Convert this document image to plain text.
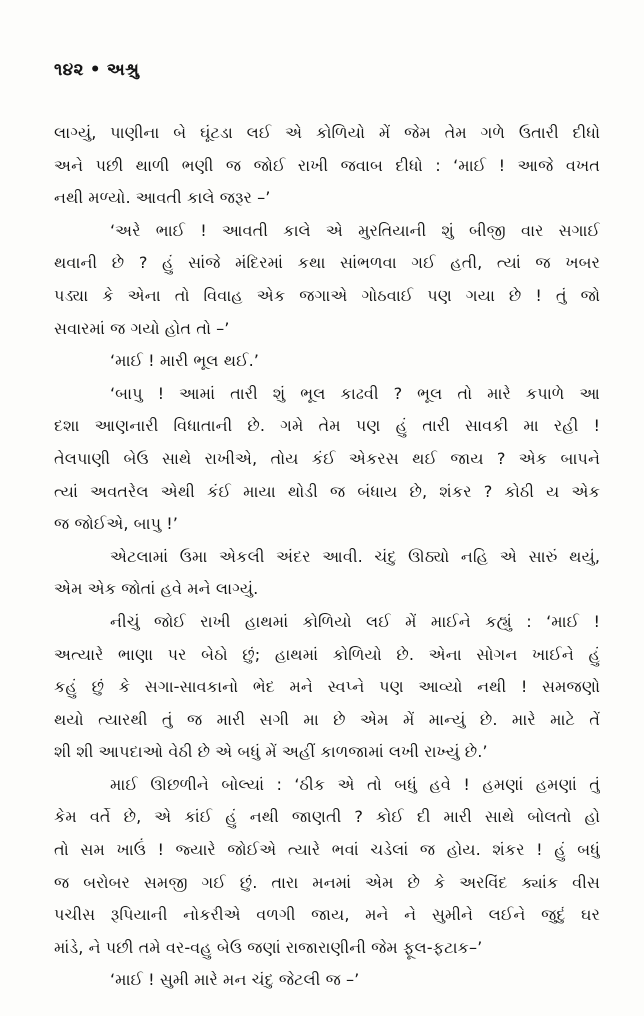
૧૪૨ • અશ્રુ
લાગ્યું, પાણીના બે ઘૂંટડા લઈ એ કોળિયો મેં જેમ તેમ ગળે ઉતારી દીધો
અને પછી થાળી ભણી જ જોઈ રાખી જવાબ દીધો : ‘માઈ ! આજે વખત
નથી મળ્યો. આવતી કાલે જરૂર –’
‘અરે ભાઈ ! આવતી કાલે એ મુરતિયાની શું બીજી વાર સગાઈ
થવાની છે ? હું સાંજે મંદિરમાં કથા સાંભળવા ગઈ હતી, ત્યાં જ ખબર
પડ્યા કે એના તો વિવાહ એક જગાએ ગોઠવાઈ પણ ગયા છે ! તું જો
સવારમાં જ ગયો હોત તો –’
‘માઈ ! મારી ભૂલ થઈ.’
‘બાપુ ! આમાં તારી શું ભૂલ કાઢવી ? ભૂલ તો મારે કપાળે આ
દશા આણનારી વિધાતાની છે. ગમે તેમ પણ હું તારી સાવકી મા રહી !
તેલપાણી બેઉ સાથે રાખીએ, તોય કંઈ એકરસ થઈ જાય ? એક બાપને
ત્યાં અવતરેલ એથી કંઈ માયા થોડી જ બંધાય છે, શંકર ? કોઠી ય એક
જ જોઈએ, બાપુ !’
એટલામાં ઉમા એકલી અંદર આવી. ચંદુ ઊઠ્યો નહિ એ સારું થયું,
એમ એક જોતાં હવે મને લાગ્યું.
નીચું જોઈ રાખી હાથમાં કોળિયો લઈ મેં માઈને કહ્યું : ‘માઈ !
અત્યારે ભાણા પર બેઠો છું; હાથમાં કોળિયો છે. એના સોગન ખાઈને હું
કહું છું કે સગા-સાવકાનો ભેદ મને સ્વપ્ને પણ આવ્યો નથી ! સમજણો
થયો ત્યારથી તું જ મારી સગી મા છે એમ મેં માન્યું છે. મારે માટે તેં
શી શી આપદાઓ વેઠી છે એ બધું મેં અહીં કાળજામાં લખી રાખ્યું છે.’
માઈ ઊછળીને બોલ્યાં : ‘ઠીક એ તો બધું હવે ! હમણાં હમણાં તું
કેમ વર્તે છે, એ કાંઈ હું નથી જાણતી ? કોઈ દી મારી સાથે બોલતો હો
તો સમ ખાઉં ! જ્યારે જોઈએ ત્યારે ભવાં ચડેલાં જ હોય. શંકર ! હું બધું
જ બરોબર સમજી ગઈ છું. તારા મનમાં એમ છે કે અરવિંદ ક્યાંક વીસ
પચીસ રૂપિયાની નોકરીએ વળગી જાય, મને ને સુમીને લઈને જુદું ઘર
માંડે, ને પછી તમે વર-વહુ બેઉ જણાં રાજારાણીની જેમ ફૂલ-ફટાક–’
‘માઈ ! સુમી મારે મન ચંદુ જેટલી જ –’
